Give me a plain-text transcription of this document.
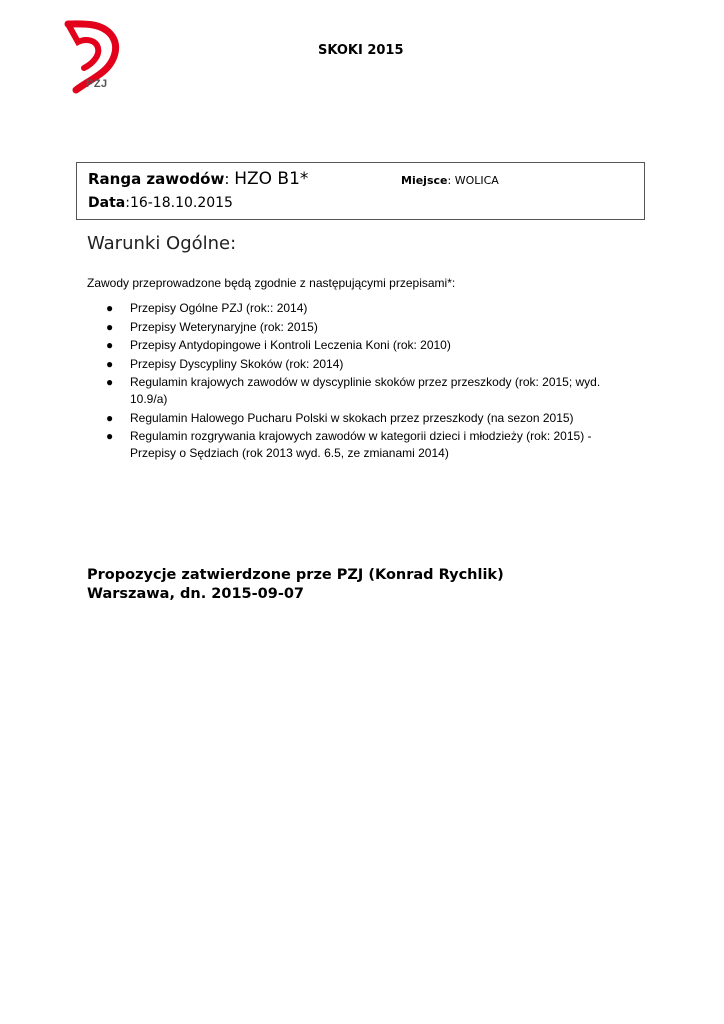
PZJ
SKOKI 2015
Ranga zawodów: HZO B1*	Miejsce: WOLICA
Data:16-18.10.2015
Warunki Ogólne:
Zawody przeprowadzone będą zgodnie z następującymi przepisami*:
● Przepisy Ogólne PZJ (rok:: 2014)
● Przepisy Weterynaryjne (rok: 2015)
● Przepisy Antydopingowe i Kontroli Leczenia Koni (rok: 2010)
● Przepisy Dyscypliny Skoków (rok: 2014)
● Regulamin krajowych zawodów w dyscyplinie skoków przez przeszkody (rok: 2015; wyd. 10.9/a)
● Regulamin Halowego Pucharu Polski w skokach przez przeszkody (na sezon 2015)
● Regulamin rozgrywania krajowych zawodów w kategorii dzieci i młodzieży (rok: 2015) - Przepisy o Sędziach (rok 2013 wyd. 6.5, ze zmianami 2014)
Propozycje zatwierdzone prze PZJ (Konrad Rychlik)
Warszawa, dn. 2015-09-07
